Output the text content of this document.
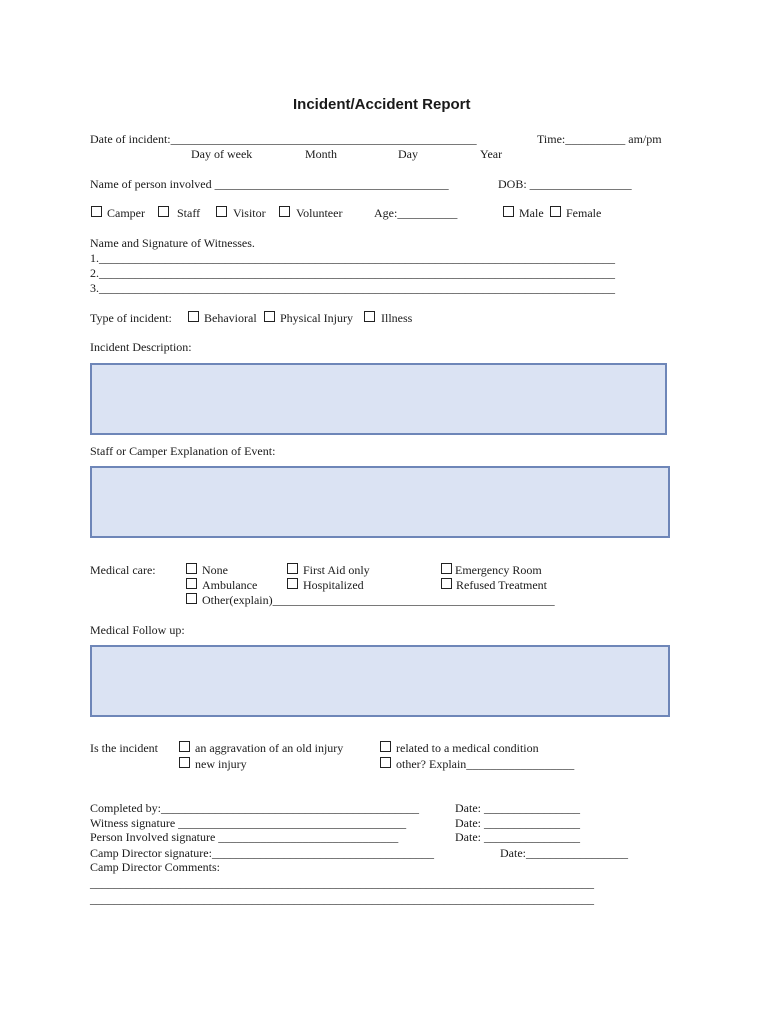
Incident/Accident Report
Date of incident:___________________________________________________	Time:__________ am/pm
Day of week	Month	Day	Year
Name of person involved _______________________________________	DOB: _________________
Camper	Staff	Visitor	Volunteer	Age:__________	Male Female
Name and Signature of Witnesses.
1.______________________________________________________________________________________
2.______________________________________________________________________________________
3.______________________________________________________________________________________
Type of incident:	Behavioral Physical Injury Illness
Incident Description:
Staff or Camper Explanation of Event:
Medical care:	None	First Aid only	Emergency Room
Ambulance	Hospitalized	Refused Treatment
Other(explain)_______________________________________________
Medical Follow up:
Is the incident	an aggravation of an old injury	related to a medical condition
new injury	other? Explain__________________
Completed by:___________________________________________	Date: ________________
Witness signature ______________________________________	Date: ________________
Person Involved signature ______________________________	Date: ________________
Camp Director signature:_____________________________________	Date:_________________
Camp Director Comments:
____________________________________________________________________________________
____________________________________________________________________________________
